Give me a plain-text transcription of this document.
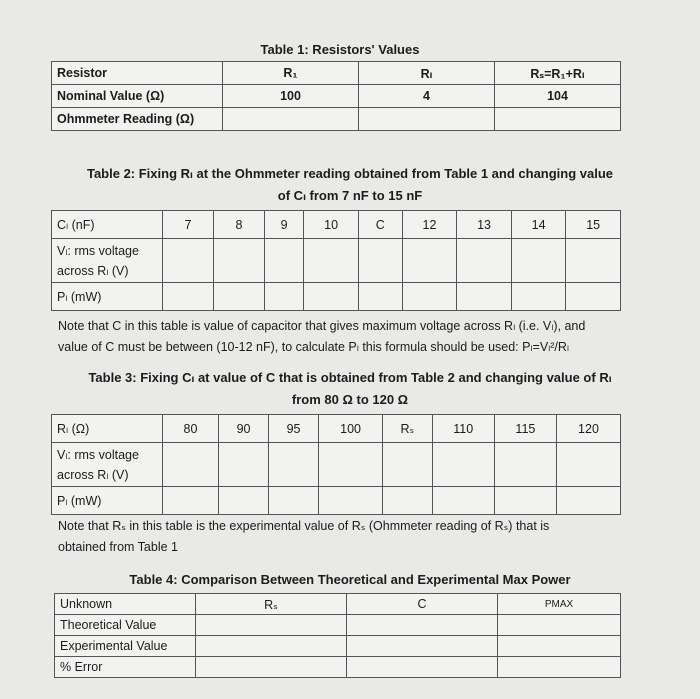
Table 1: Resistors' Values
Resistor	R₁	Rₗ	Rₛ=R₁+Rₗ
Nominal Value (Ω)	100	4	104
Ohmmeter Reading (Ω)			
Table 2: Fixing Rₗ at the Ohmmeter reading obtained from Table 1 and changing value
of Cₗ from 7 nF to 15 nF
Cₗ (nF)	7	8	9	10	C	12	13	14	15

Vₗ: rms voltage
across Rₗ (V)									

Pₗ (mW)									
Note that C in this table is value of capacitor that gives maximum voltage across Rₗ (i.e. Vₗ), and
value of C must be between (10-12 nF), to calculate Pₗ this formula should be used: Pₗ=Vₗ²/Rₗ
Table 3: Fixing Cₗ at value of C that is obtained from Table 2 and changing value of Rₗ
from 80 Ω to 120 Ω
Rₗ (Ω)	80	90	95	100	Rₛ	110	115	120

Vₗ: rms voltage
across Rₗ (V)								

Pₗ (mW)								
Note that Rₛ in this table is the experimental value of Rₛ (Ohmmeter reading of Rₛ) that is
obtained from Table 1
Table 4: Comparison Between Theoretical and Experimental Max Power
Unknown	Rₛ	C	PMAX
Theoretical Value			
Experimental Value			
% Error			
